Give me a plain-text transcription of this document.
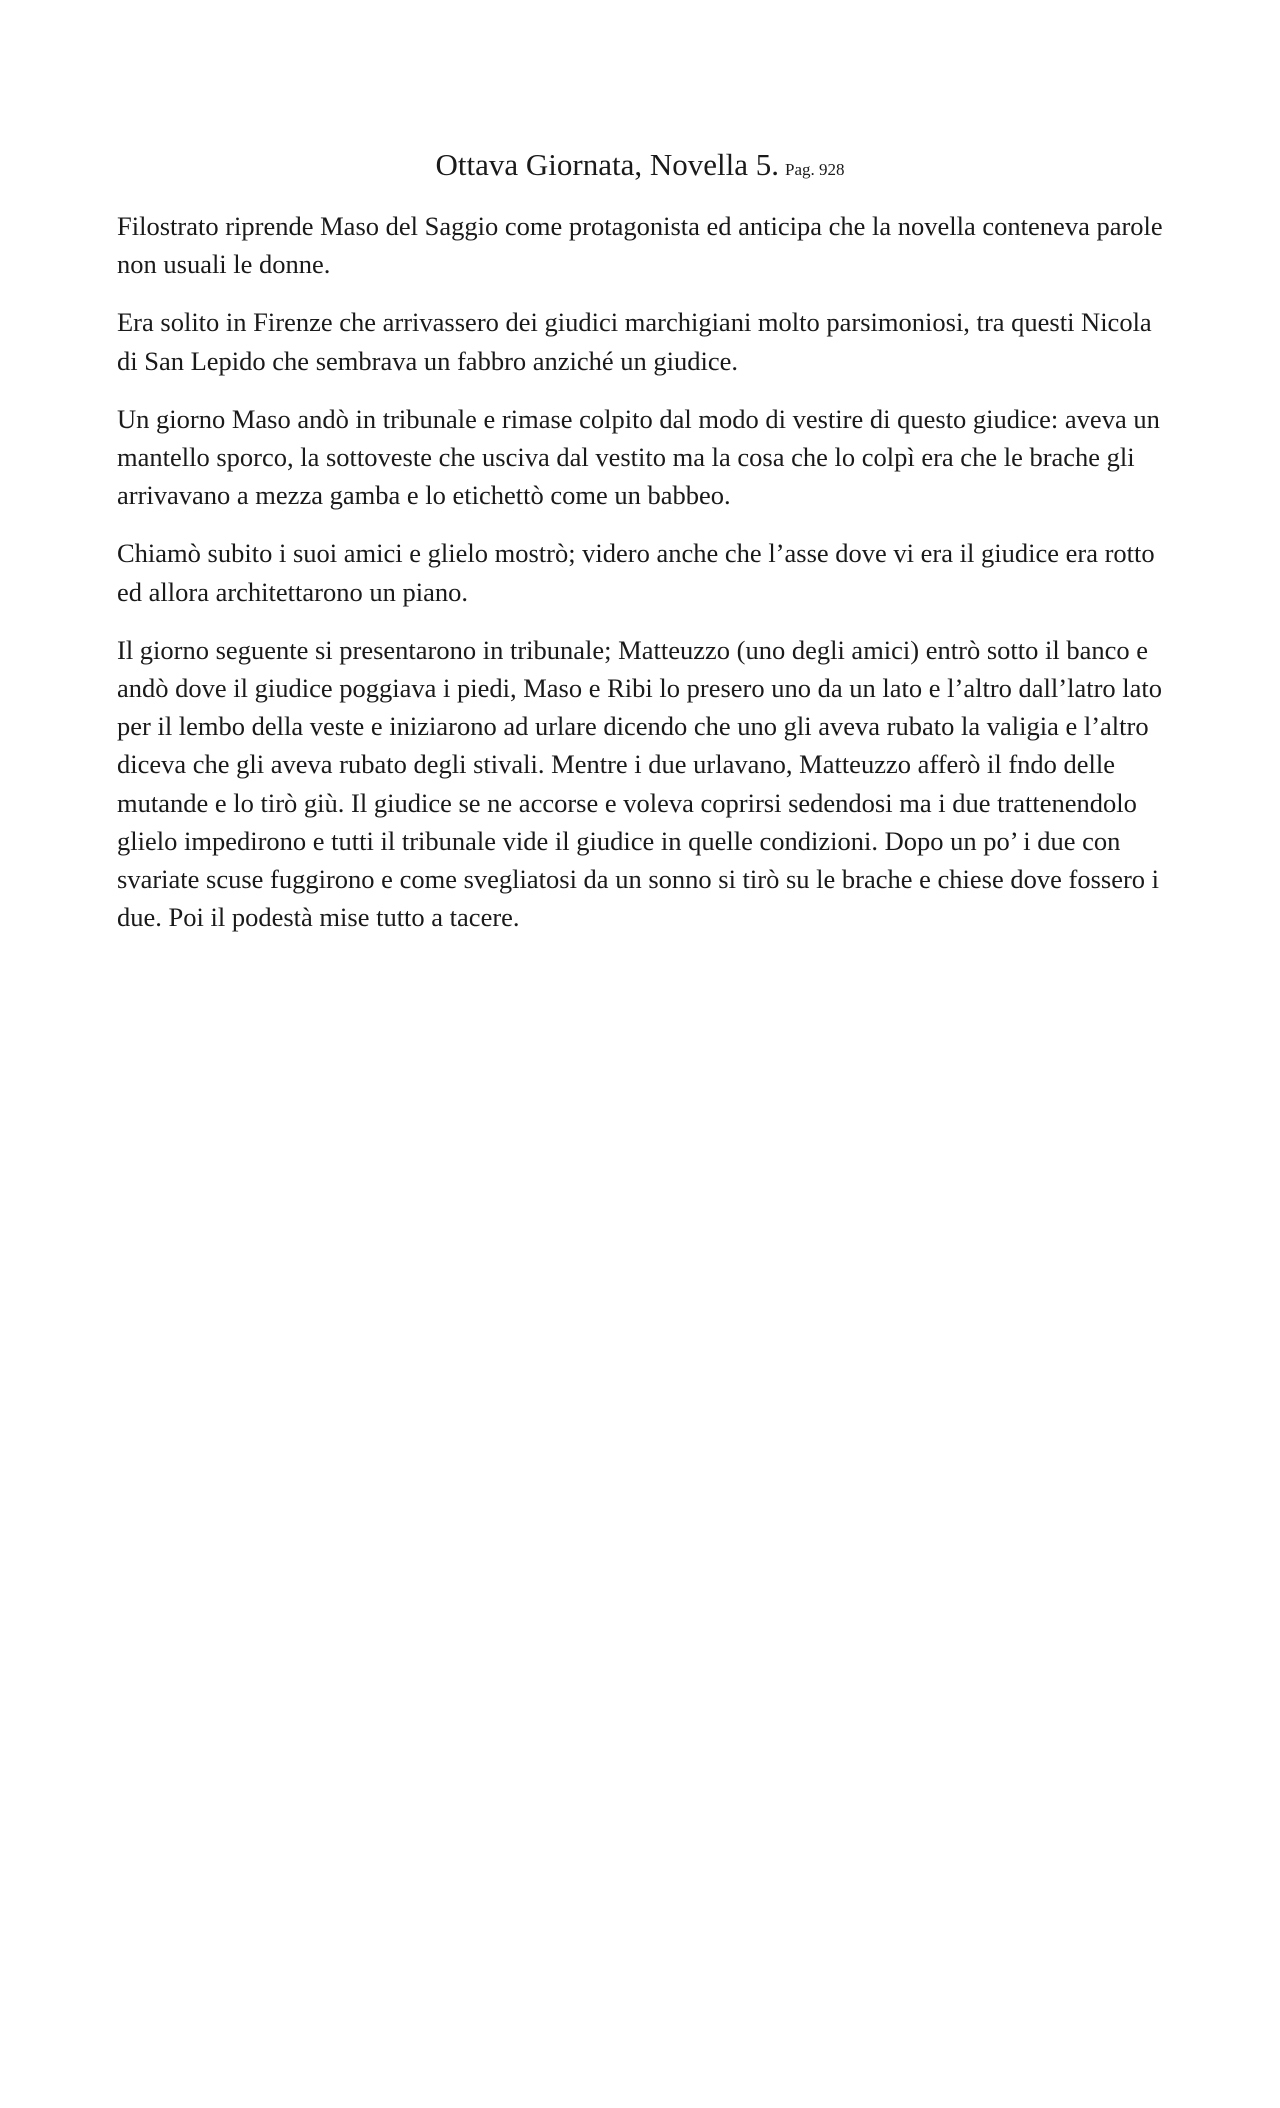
Ottava Giornata, Novella 5. Pag. 928

Filostrato riprende Maso del Saggio come protagonista ed anticipa che la novella conteneva parole non usuali le donne.

Era solito in Firenze che arrivassero dei giudici marchigiani molto parsimoniosi, tra questi Nicola di San Lepido che sembrava un fabbro anziché un giudice.

Un giorno Maso andò in tribunale e rimase colpito dal modo di vestire di questo giudice: aveva un mantello sporco, la sottoveste che usciva dal vestito ma la cosa che lo colpì era che le brache gli arrivavano a mezza gamba e lo etichettò come un babbeo.

Chiamò subito i suoi amici e glielo mostrò; videro anche che l’asse dove vi era il giudice era rotto ed allora architettarono un piano.

Il giorno seguente si presentarono in tribunale; Matteuzzo (uno degli amici) entrò sotto il banco e andò dove il giudice poggiava i piedi, Maso e Ribi lo presero uno da un lato e l’altro dall’latro lato per il lembo della veste e iniziarono ad urlare dicendo che uno gli aveva rubato la valigia e l’altro diceva che gli aveva rubato degli stivali. Mentre i due urlavano, Matteuzzo afferò il fndo delle mutande e lo tirò giù. Il giudice se ne accorse e voleva coprirsi sedendosi ma i due trattenendolo glielo impedirono e tutti il tribunale vide il giudice in quelle condizioni. Dopo un po’ i due con svariate scuse fuggirono e come svegliatosi da un sonno si tirò su le brache e chiese dove fossero i due. Poi il podestà mise tutto a tacere.
